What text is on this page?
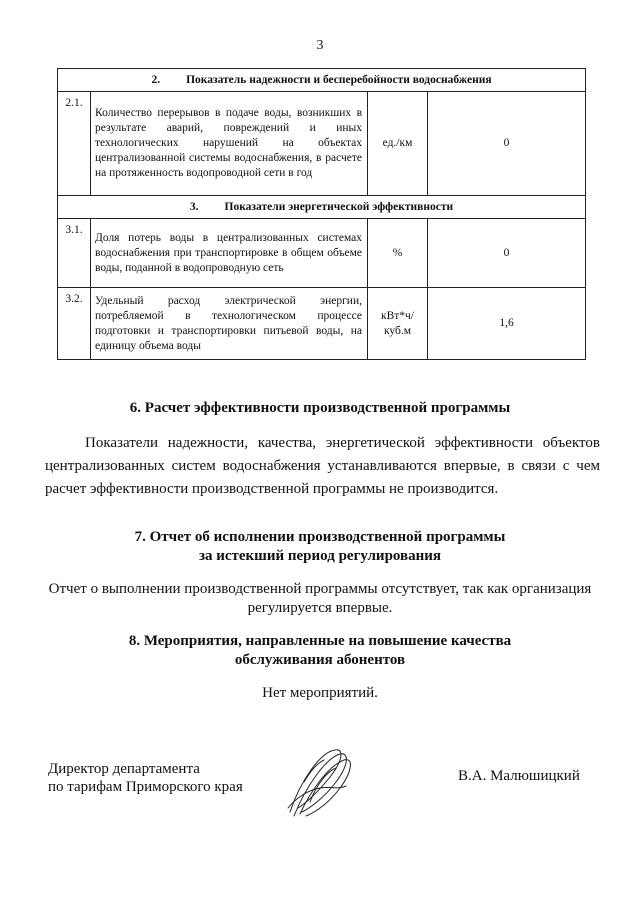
3
2. Показатель надежности и бесперебойности водоснабжения			
2.1.	Количество перерывов в подаче воды, возникших в результате аварий, повреждений и иных технологических нарушений на объектах централизованной системы водоснабжения, в расчете на протяженность водопроводной сети в год	ед./км	0
3. Показатели энергетической эффективности			
3.1.	Доля потерь воды в централизованных системах водоснабжения при транспортировке в общем объеме воды, поданной в водопроводную сеть	%	0
3.2.	Удельный расход электрической энергии, потребляемой в технологическом процессе подготовки и транспортировки питьевой воды, на единицу объема воды	кВт*ч/ куб.м	1,6
6. Расчет эффективности производственной программы
Показатели надежности, качества, энергетической эффективности объектов централизованных систем водоснабжения устанавливаются впервые, в связи с чем расчет эффективности производственной программы не производится.
7. Отчет об исполнении производственной программы
за истекший период регулирования
Отчет о выполнении производственной программы отсутствует, так как организация регулируется впервые.
8. Мероприятия, направленные на повышение качества
обслуживания абонентов
Нет мероприятий.
Директор департамента
по тарифам Приморского края
В.А. Малюшицкий
